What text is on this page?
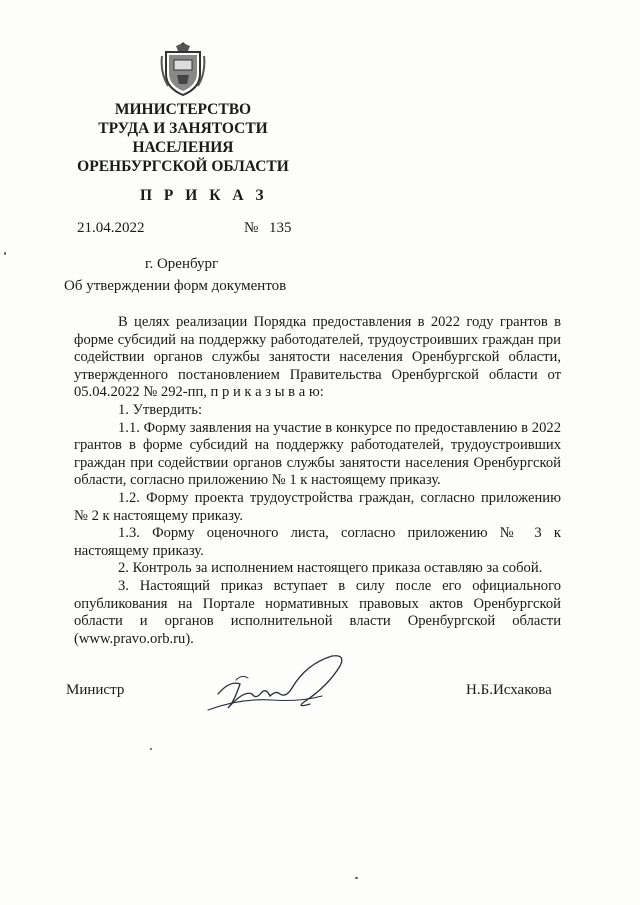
МИНИСТЕРСТВО
ТРУДА И ЗАНЯТОСТИ
НАСЕЛЕНИЯ
ОРЕНБУРГСКОЙ ОБЛАСТИ
П Р И К А З
21.04.2022	№ 135
г. Оренбург
Об утверждении форм документов

В целях реализации Порядка предоставления в 2022 году грантов в форме субсидий на поддержку работодателей, трудоустроивших граждан при содействии органов службы занятости населения Оренбургской области, утвержденного постановлением Правительства Оренбургской области от 05.04.2022 № 292-пп, п р и к а з ы в а ю:

1. Утвердить:

1.1. Форму заявления на участие в конкурсе по предоставлению в 2022 грантов в форме субсидий на поддержку работодателей, трудоустроивших граждан при содействии органов службы занятости населения Оренбургской области, согласно приложению № 1 к настоящему приказу.

1.2. Форму проекта трудоустройства граждан, согласно приложению № 2 к настоящему приказу.

1.3. Форму оценочного листа, согласно приложению № 3 к настоящему приказу.

2. Контроль за исполнением настоящего приказа оставляю за собой.

3. Настоящий приказ вступает в силу после его официального опубликования на Портале нормативных правовых актов Оренбургской области и органов исполнительной власти Оренбургской области (www.pravo.orb.ru).

Министр	Н.Б.Исхакова
